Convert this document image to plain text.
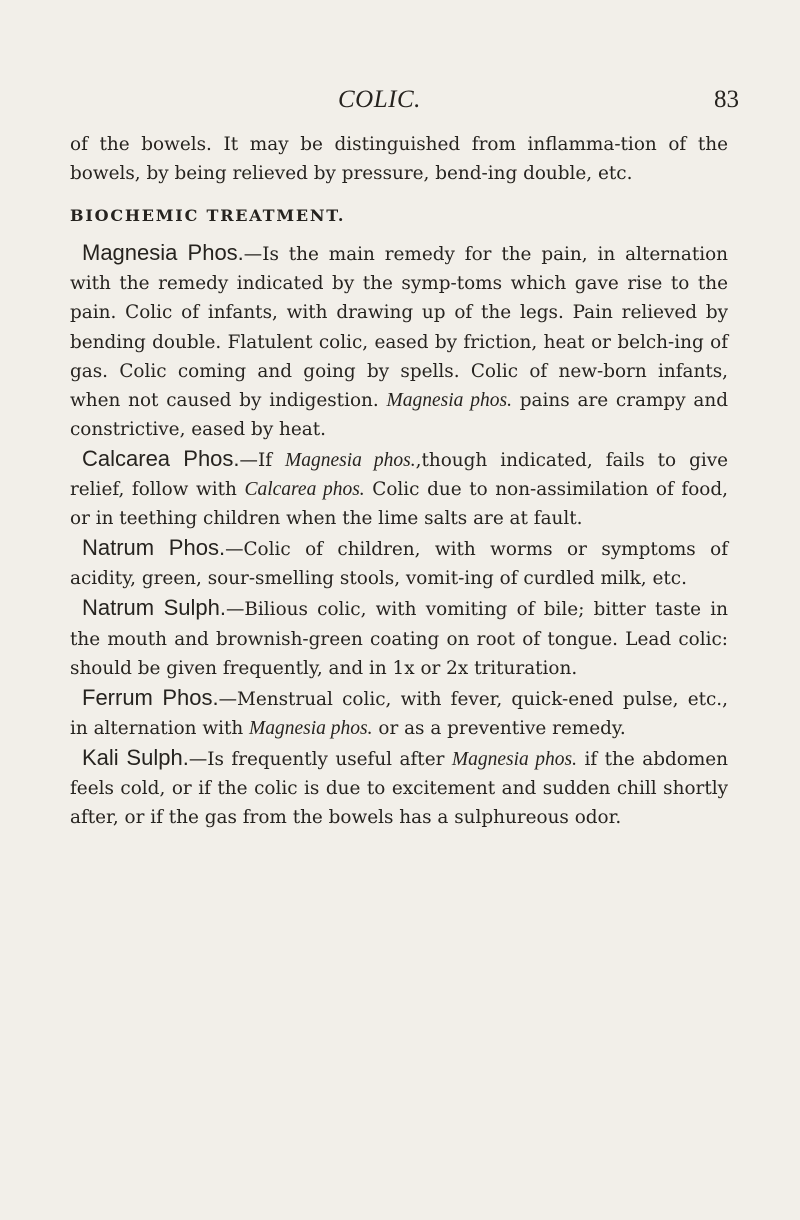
COLIC.	83

of the bowels. It may be distinguished from inflamma-tion of the bowels, by being relieved by pressure, bend-ing double, etc.

BIOCHEMIC TREATMENT.

Magnesia Phos.—Is the main remedy for the pain, in alternation with the remedy indicated by the symp-toms which gave rise to the pain. Colic of infants, with drawing up of the legs. Pain relieved by bending double. Flatulent colic, eased by friction, heat or belch-ing of gas. Colic coming and going by spells. Colic of new-born infants, when not caused by indigestion. Magnesia phos. pains are crampy and constrictive, eased by heat.

Calcarea Phos.—If Magnesia phos.,though indicated, fails to give relief, follow with Calcarea phos. Colic due to non-assimilation of food, or in teething children when the lime salts are at fault.

Natrum Phos.—Colic of children, with worms or symptoms of acidity, green, sour-smelling stools, vomit-ing of curdled milk, etc.

Natrum Sulph.—Bilious colic, with vomiting of bile; bitter taste in the mouth and brownish-green coating on root of tongue. Lead colic: should be given frequently, and in 1x or 2x trituration.

Ferrum Phos.—Menstrual colic, with fever, quick-ened pulse, etc., in alternation with Magnesia phos. or as a preventive remedy.

Kali Sulph.—Is frequently useful after Magnesia phos. if the abdomen feels cold, or if the colic is due to excitement and sudden chill shortly after, or if the gas from the bowels has a sulphureous odor.
